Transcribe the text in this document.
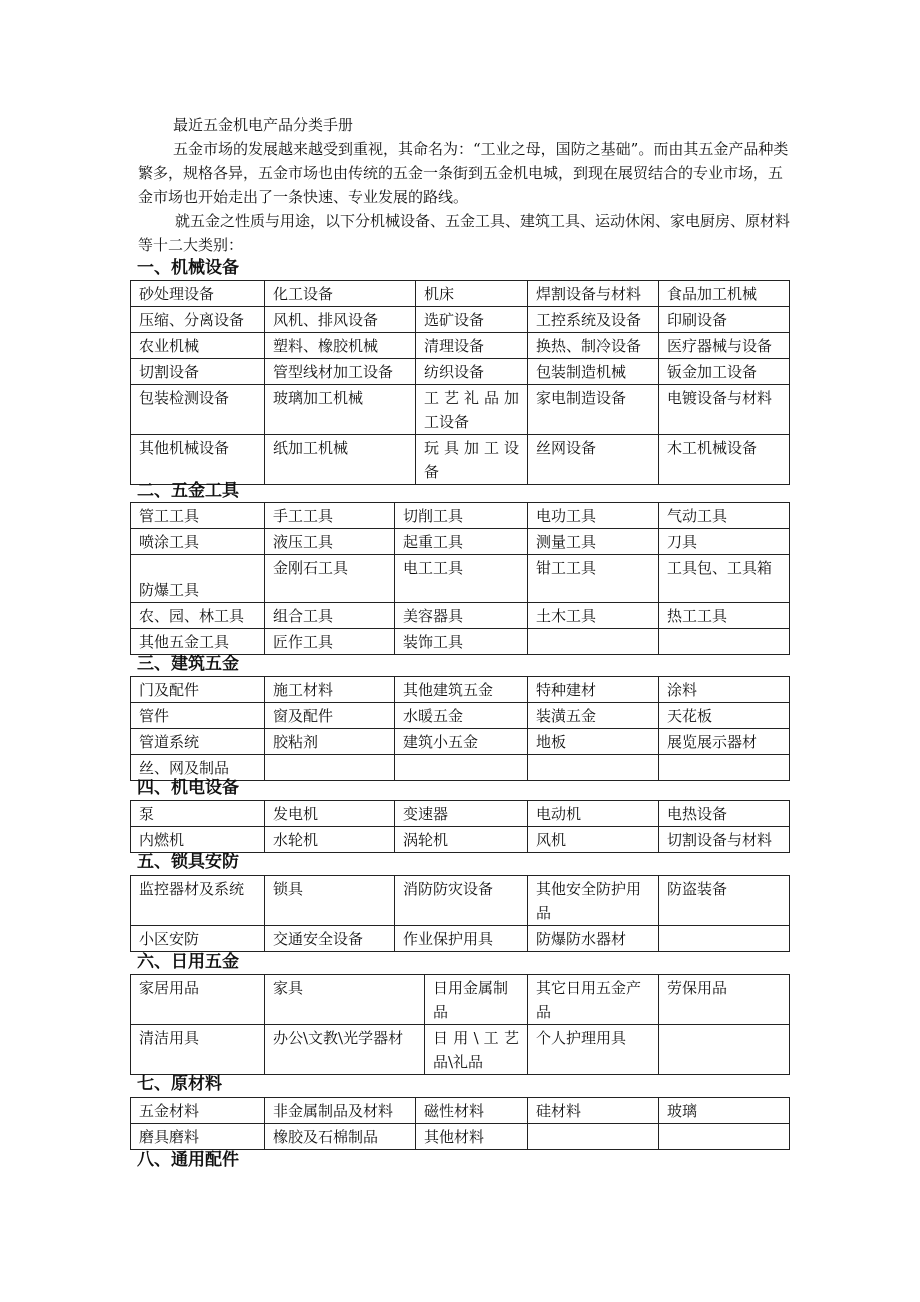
最近五金机电产品分类手册

五金市场的发展越来越受到重视，其命名为：“工业之母，国防之基础”。而由其五金产品种类繁多，规格各异，五金市场也由传统的五金一条街到五金机电城，到现在展贸结合的专业市场，五金市场也开始走出了一条快速、专业发展的路线。

就五金之性质与用途，以下分机械设备、五金工具、建筑工具、运动休闲、家电厨房、原材料等十二大类别：

一、机械设备
砂处理设备	化工设备	机床	焊割设备与材料	食品加工机械
压缩、分离设备	风机、排风设备	选矿设备	工控系统及设备	印刷设备
农业机械	塑料、橡胶机械	清理设备	换热、制冷设备	医疗器械与设备
切割设备	管型线材加工设备	纺织设备	包装制造机械	钣金加工设备
包装检测设备	玻璃加工机械	工 艺 礼 品 加工设备	家电制造设备	电镀设备与材料
其他机械设备	纸加工机械	玩 具 加 工 设备	丝网设备	木工机械设备
二、五金工具
管工工具	手工工具	切削工具	电功工具	气动工具
喷涂工具	液压工具	起重工具	测量工具	刀具
防爆工具	金刚石工具	电工工具	钳工工具	工具包、工具箱
农、园、林工具	组合工具	美容器具	土木工具	热工工具
其他五金工具	匠作工具	装饰工具		
三、建筑五金
门及配件	施工材料	其他建筑五金	特种建材	涂料
管件	窗及配件	水暖五金	装潢五金	天花板
管道系统	胶粘剂	建筑小五金	地板	展览展示器材
丝、网及制品				
四、机电设备
泵	发电机	变速器	电动机	电热设备
内燃机	水轮机	涡轮机	风机	切割设备与材料
五、锁具安防
监控器材及系统	锁具	消防防灾设备	其他安全防护用品	防盗装备
小区安防	交通安全设备	作业保护用具	防爆防水器材	
六、日用五金
家居用品	家具	日用金属制品	其它日用五金产品	劳保用品
清洁用具	办公\文教\光学器材	日 用 \ 工 艺 品\礼品	个人护理用具	
七、原材料
五金材料	非金属制品及材料	磁性材料	硅材料	玻璃
磨具磨料	橡胶及石棉制品	其他材料		
八、通用配件
